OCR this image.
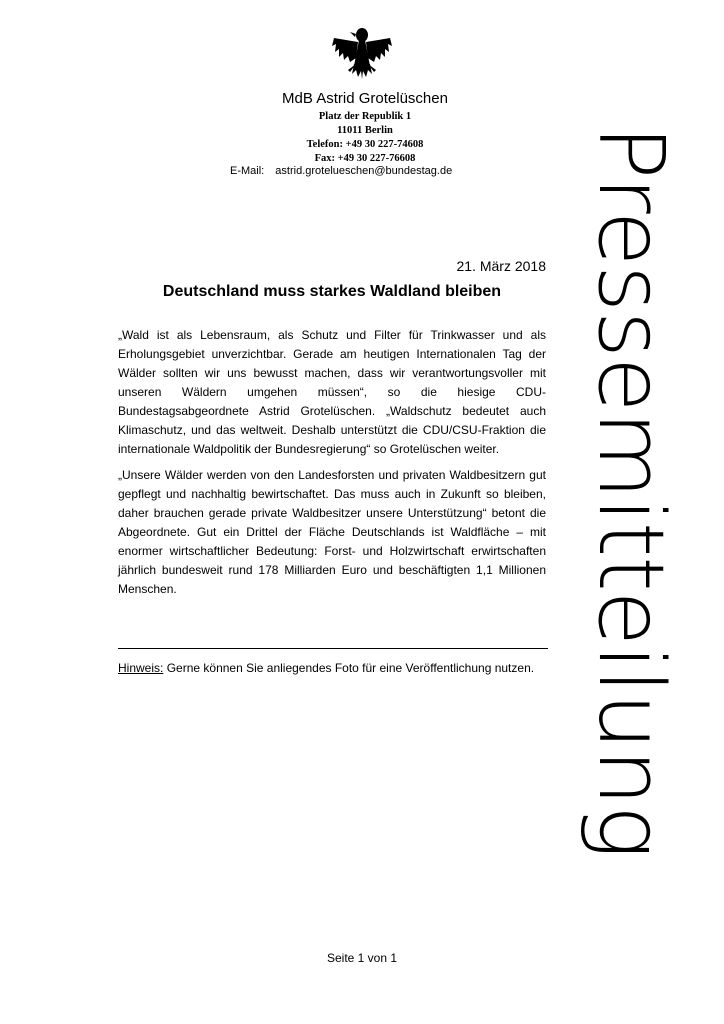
MdB Astrid Grotelüschen
Platz der Republik 1
11011 Berlin
Telefon: +49 30 227-74608
Fax: +49 30 227-76608
E-Mail: astrid.grotelueschen@bundestag.de	Pressemitteilung
21. März 2018
Deutschland muss starkes Waldland bleiben

„Wald ist als Lebensraum, als Schutz und Filter für Trinkwasser und als Erholungsgebiet unverzichtbar. Gerade am heutigen Internationalen Tag der Wälder sollten wir uns bewusst machen, dass wir verantwortungsvoller mit unseren Wäldern umgehen müssen“, so die hiesige CDU-Bundestagsabgeordnete Astrid Grotelüschen. „Waldschutz bedeutet auch Klimaschutz, und das weltweit. Deshalb unterstützt die CDU/CSU-Fraktion die internationale Waldpolitik der Bundesregierung“ so Grotelüschen weiter.

„Unsere Wälder werden von den Landesforsten und privaten Waldbesitzern gut gepflegt und nachhaltig bewirtschaftet. Das muss auch in Zukunft so bleiben, daher brauchen gerade private Waldbesitzer unsere Unterstützung“ betont die Abgeordnete. Gut ein Drittel der Fläche Deutschlands ist Waldfläche – mit enormer wirtschaftlicher Bedeutung: Forst- und Holzwirtschaft erwirtschaften jährlich bundesweit rund 178 Milliarden Euro und beschäftigten 1,1 Millionen Menschen.

Hinweis: Gerne können Sie anliegendes Foto für eine Veröffentlichung nutzen.
Seite 1 von 1
